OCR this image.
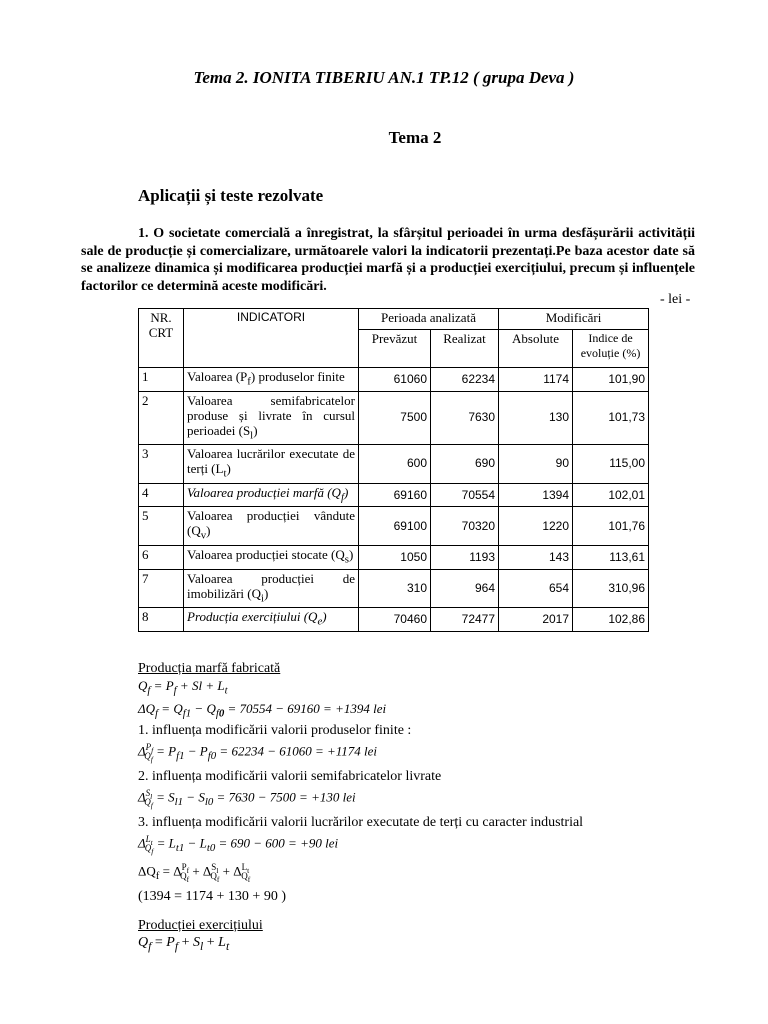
Tema 2. IONITA TIBERIU AN.1 TP.12 ( grupa Deva )
Tema 2
Aplicații și teste rezolvate

1. O societate comercială a înregistrat, la sfârșitul perioadei în urma desfășurării activității sale de producție și comercializare, următoarele valori la indicatorii prezentați.Pe baza acestor date să se analizeze dinamica și modificarea producției marfă și a producției exercițiului, precum și influențele factorilor ce determină aceste modificări.

- lei -
NR. CRT	INDICATORI	Perioada analizată		Modificări	
		Prevăzut	Realizat	Absolute	Indice de evoluție (%)
1	Valoarea $(P_f)$ produselor finite	61060	62234	1174	101,90
2	Valoarea semifabricatelor produse și livrate în cursul perioadei $(S_l)$	7500	7630	130	101,73
3	Valoarea lucrărilor executate de terți $(L_t)$	600	690	90	115,00
4	Valoarea producției marfă $(Q_f)$	69160	70554	1394	102,01
5	Valoarea producției vândute $(Q_v)$	69100	70320	1220	101,76
6	Valoarea producției stocate $(Q_s)$	1050	1193	143	113,61
7	Valoarea producției de imobilizări $(Q_i)$	310	964	654	310,96
8	Producția exercițiului $(Q_e)$	70460	72477	2017	102,86
Producția marfă fabricată
$Q_f = P_f + Sl + L_t$
$\Delta Q_f = Q_{f1} - Q_{f0} = 70554 - 69160 = +1394$ lei
1. influența modificării valorii produselor finite :
$\Delta^{P_f}_{Q_f} = P_{f1} - P_{f0} = 62234 - 61060 = +1174$ lei
2. influența modificării valorii semifabricatelor livrate
$\Delta^{S_l}_{Q_f} = S_{l1} - S_{l0} = 7630 - 7500 = +130$ lei
3. influența modificării valorii lucrărilor executate de terți cu caracter industrial
$\Delta^{L_t}_{Q_f} = L_{t1} - L_{t0} = 690 - 600 = +90$ lei
$\Delta Q_f = \Delta^{P_f}_{Q_f} + \Delta^{S_l}_{Q_f} + \Delta^{L_t}_{Q_f}$
(1394 = 1174 + 130 + 90 )
Producției exercițiului
$Q_f = P_f + S_l + L_t$
